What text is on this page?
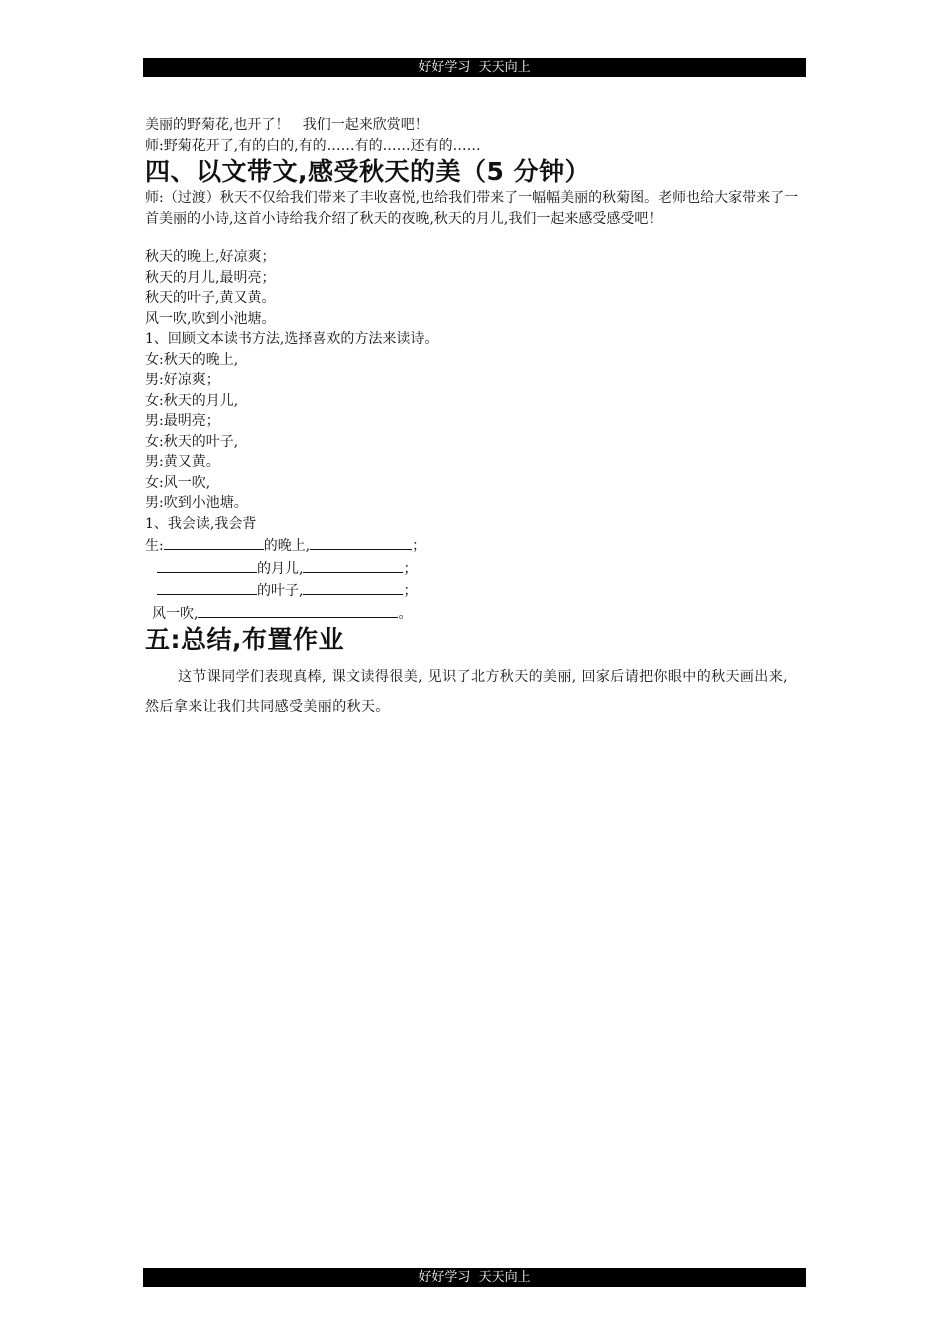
好好学习  天天向上
美丽的野菊花,也开了！   我们一起来欣赏吧！
师:野菊花开了,有的白的,有的……有的……还有的……
四、以文带文,感受秋天的美（5 分钟）
师:（过渡）秋天不仅给我们带来了丰收喜悦,也给我们带来了一幅幅美丽的秋菊图。老师也给大家带来了一首美丽的小诗,这首小诗给我介绍了秋天的夜晚,秋天的月儿,我们一起来感受感受吧！
秋天的晚上,好凉爽；
秋天的月儿,最明亮；
秋天的叶子,黄又黄。
风一吹,吹到小池塘。
1、回顾文本读书方法,选择喜欢的方法来读诗。
女:秋天的晚上,
男:好凉爽；
女:秋天的月儿,
男:最明亮；
女:秋天的叶子,
男:黄又黄。
女:风一吹,
男:吹到小池塘。
1、我会读,我会背
生:	的晚上,	；
的月儿,	；
的叶子,	；
风一吹,	。
五:总结,布置作业
这节课同学们表现真棒, 课文读得很美, 见识了北方秋天的美丽, 回家后请把你眼中的秋天画出来, 然后拿来让我们共同感受美丽的秋天。
好好学习  天天向上
